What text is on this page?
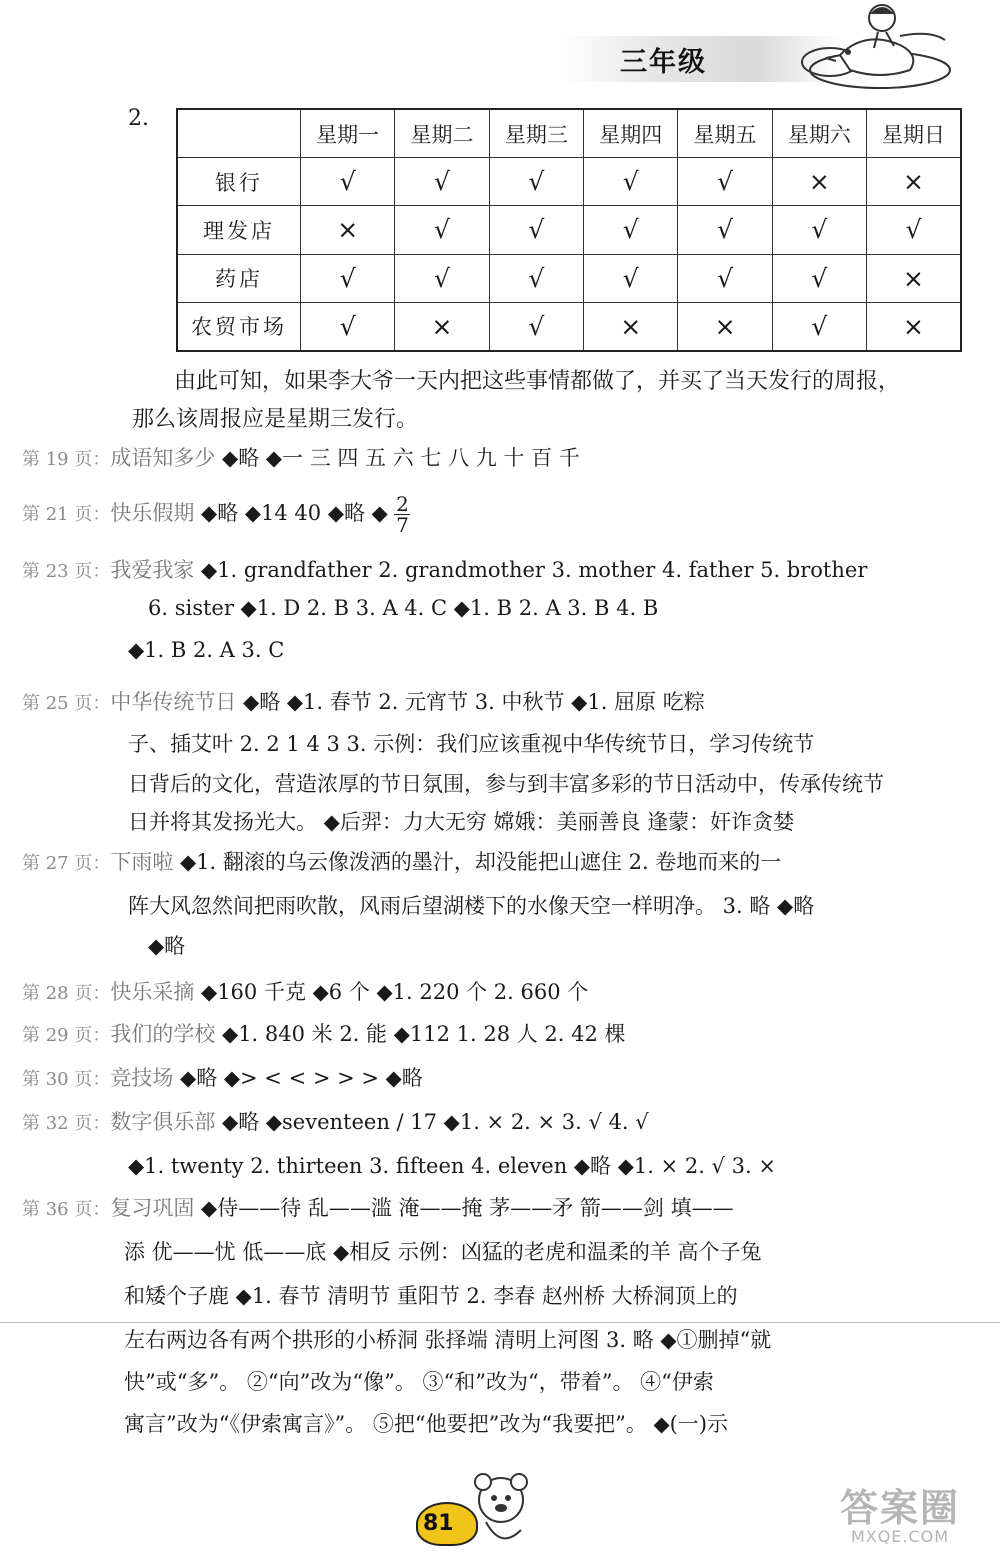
三年级
2.
	星期一	星期二	星期三	星期四	星期五	星期六	星期日
银行	√	√	√	√	√	×	×
理发店	×	√	√	√	√	√	√
药店	√	√	√	√	√	√	×
农贸市场	√	×	√	×	×	√	×
由此可知，如果李大爷一天内把这些事情都做了，并买了当天发行的周报，
那么该周报应是星期三发行。
第 19 页：成语知多少 ◆略 ◆一 三 四 五 六 七 八 九 十 百 千
第 21 页：快乐假期 ◆略 ◆14 40 ◆略 ◆ $\frac{2}{7}$
第 23 页：我爱我家 ◆1. grandfather 2. grandmother 3. mother 4. father 5. brother
6. sister ◆1. D 2. B 3. A 4. C ◆1. B 2. A 3. B 4. B
◆1. B 2. A 3. C
第 25 页：中华传统节日 ◆略 ◆1. 春节 2. 元宵节 3. 中秋节 ◆1. 屈原 吃粽
子、插艾叶 2. 2 1 4 3 3. 示例：我们应该重视中华传统节日，学习传统节
日背后的文化，营造浓厚的节日氛围，参与到丰富多彩的节日活动中，传承传统节
日并将其发扬光大。 ◆后羿：力大无穷 嫦娥：美丽善良 逢蒙：奸诈贪婪
第 27 页：下雨啦 ◆1. 翻滚的乌云像泼洒的墨汁，却没能把山遮住 2. 卷地而来的一
阵大风忽然间把雨吹散，风雨后望湖楼下的水像天空一样明净。 3. 略 ◆略
◆略
第 28 页：快乐采摘 ◆160 千克 ◆6 个 ◆1. 220 个 2. 660 个
第 29 页：我们的学校 ◆1. 840 米 2. 能 ◆112 1. 28 人 2. 42 棵
第 30 页：竞技场 ◆略 ◆> < < > > > ◆略
第 32 页：数字俱乐部 ◆略 ◆seventeen / 17 ◆1. × 2. × 3. √ 4. √
◆1. twenty 2. thirteen 3. fifteen 4. eleven ◆略 ◆1. × 2. √ 3. ×
第 36 页：复习巩固 ◆侍——待 乱——滥 淹——掩 茅——矛 箭——剑 填——
添 优——忧 低——底 ◆相反 示例：凶猛的老虎和温柔的羊 高个子兔
和矮个子鹿 ◆1. 春节 清明节 重阳节 2. 李春 赵州桥 大桥洞顶上的
左右两边各有两个拱形的小桥洞 张择端 清明上河图 3. 略 ◆①删掉“就
快”或“多”。 ②“向”改为“像”。 ③“和”改为“，带着”。 ④“伊索
寓言”改为“《伊索寓言》”。 ⑤把“他要把”改为“我要把”。 ◆(一)示
81	答案圈
MXQE.COM
